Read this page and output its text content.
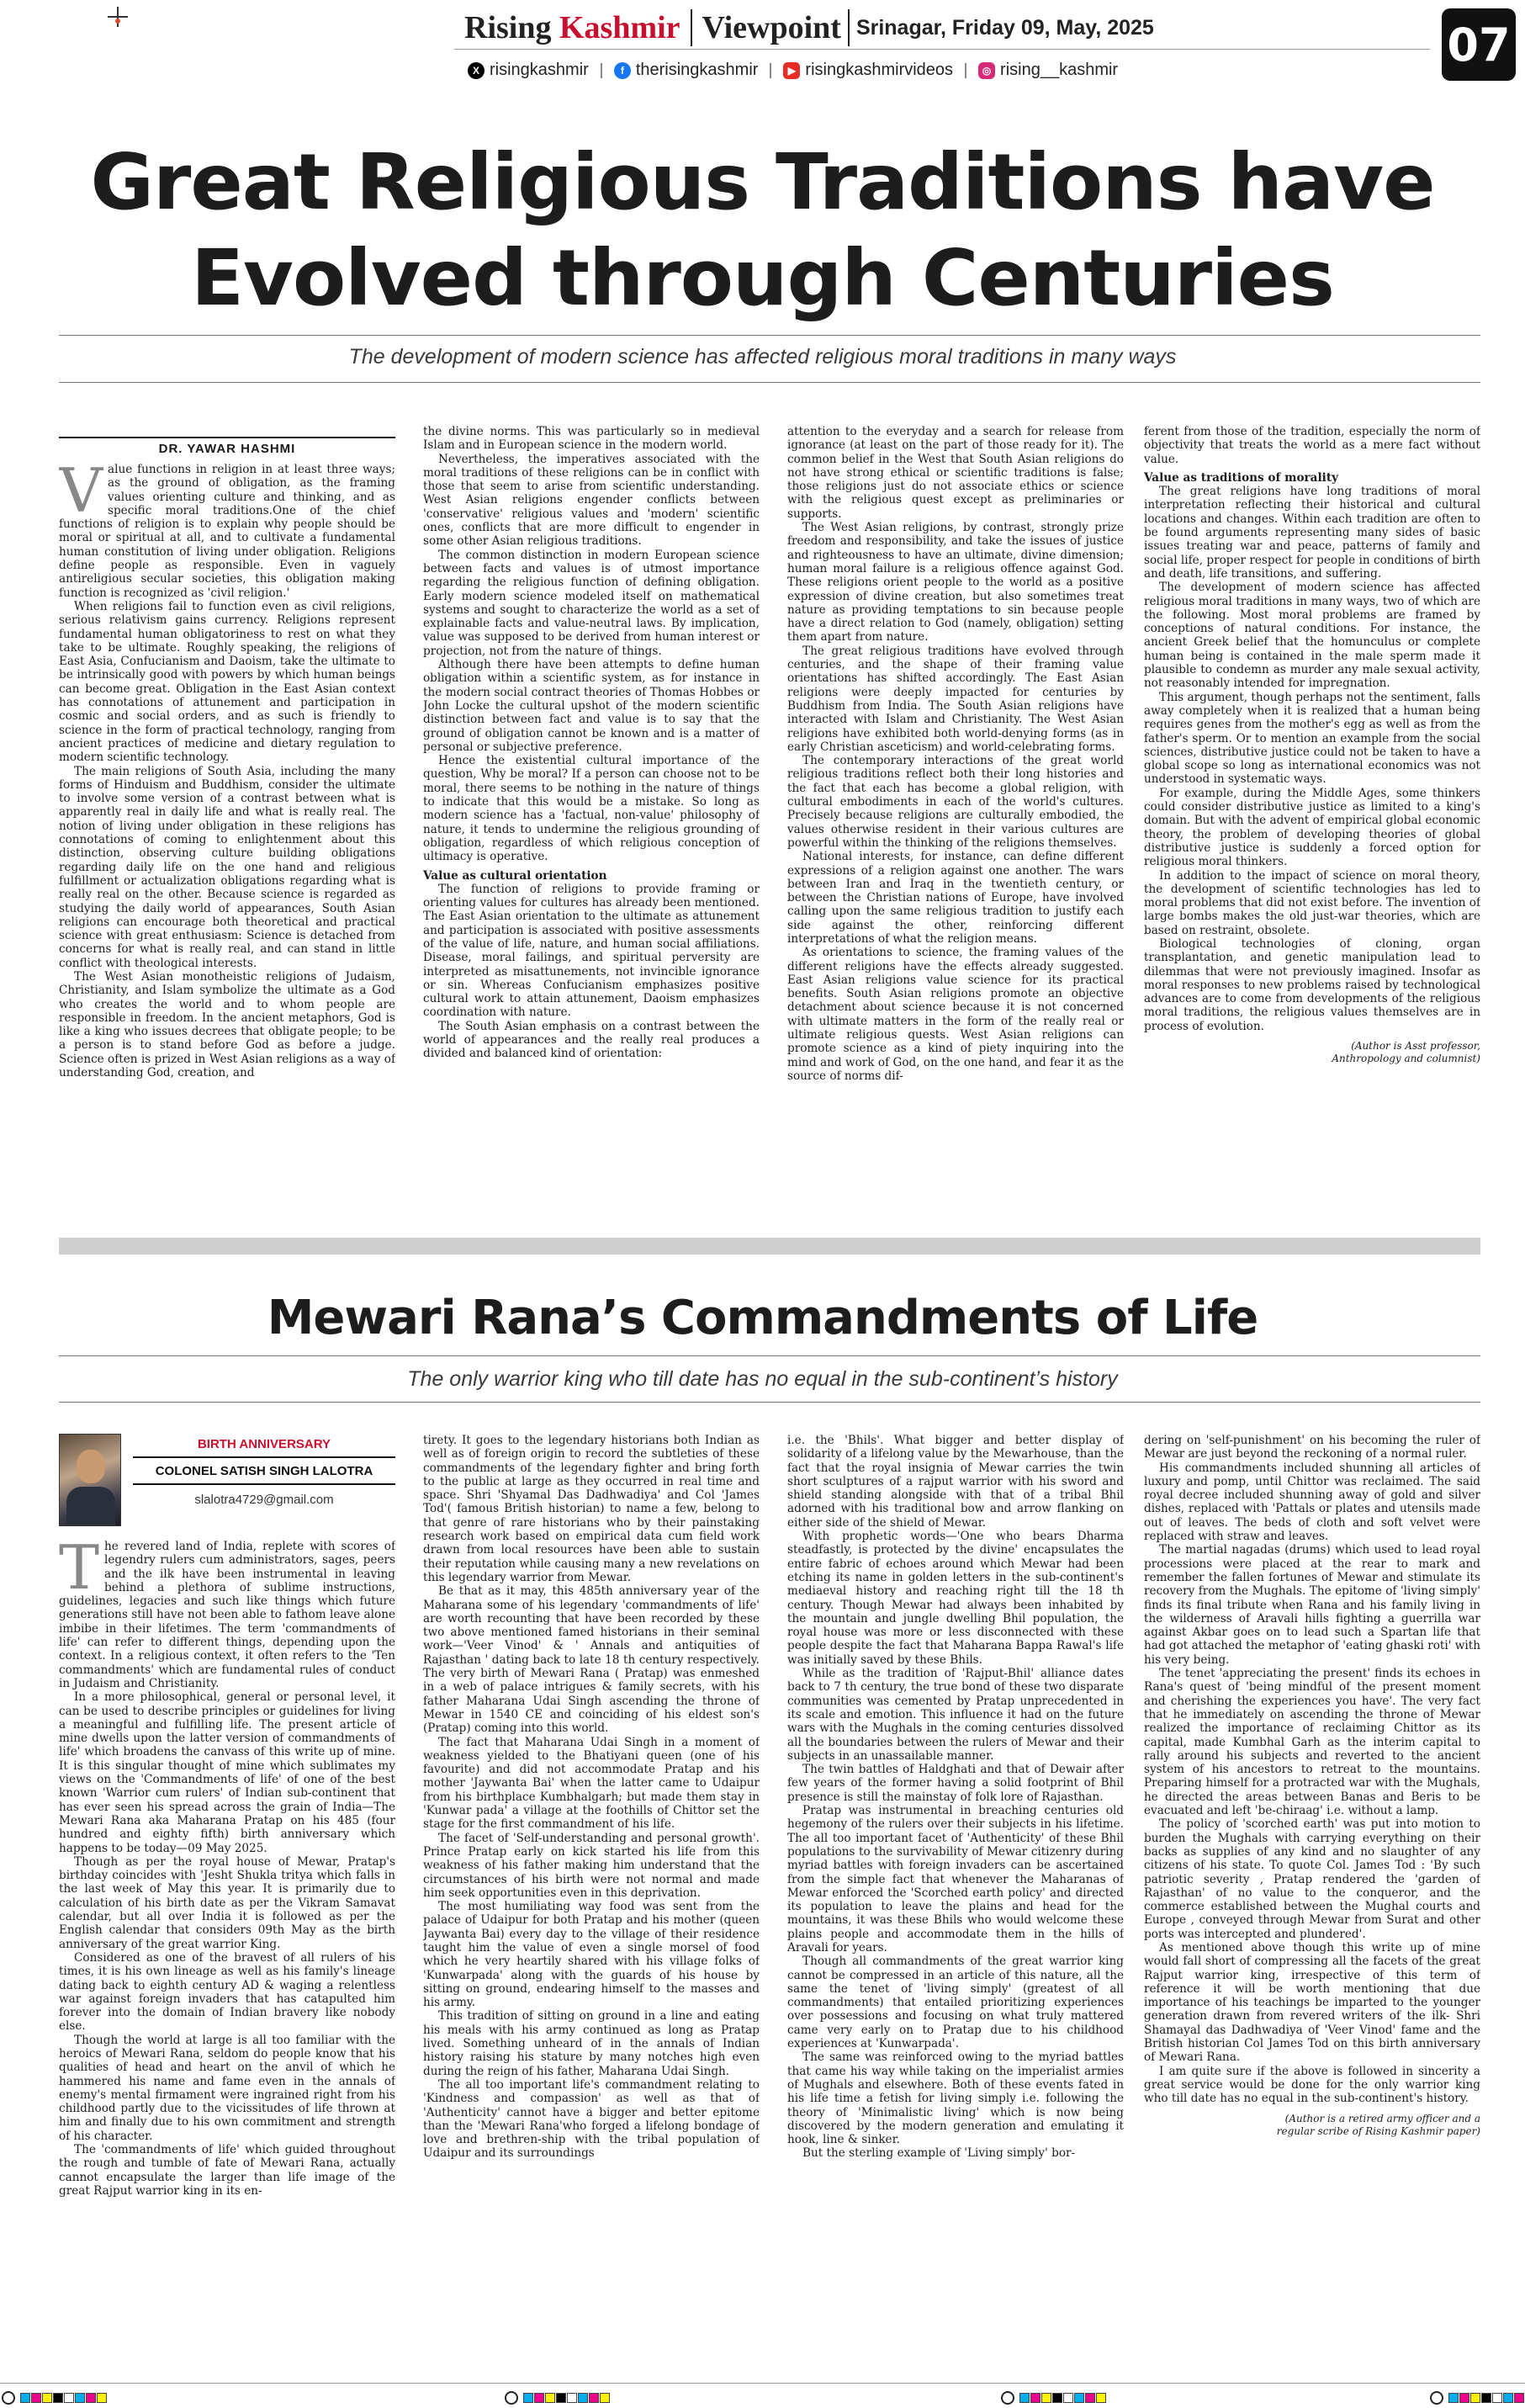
Rising Kashmir Viewpoint Srinagar, Friday 09, May, 2025
X risingkashmir	f therisingkashmir	▶ risingkashmirvideos	◎ rising__kashmir	07
Great Religious Traditions have
Evolved through Centuries
The development of modern science has affected religious moral traditions in many ways
DR. YAWAR HASHMI
V alue functions in religion in at least three ways; as the ground of obligation, as the framing values orienting culture and thinking, and as specific moral traditions.One of the chief functions of religion is to explain why people should be moral or spiritual at all, and to cultivate a fundamental human constitution of living under obligation. Religions define people as responsible. Even in vaguely antireligious secular societies, this obligation making function is recognized as 'civil religion.'

When religions fail to function even as civil religions, serious relativism gains currency. Religions represent fundamental human obligatoriness to rest on what they take to be ultimate. Roughly speaking, the religions of East Asia, Confucianism and Daoism, take the ultimate to be intrinsically good with powers by which human beings can become great. Obligation in the East Asian context has connotations of attunement and participation in cosmic and social orders, and as such is friendly to science in the form of practical technology, ranging from ancient practices of medicine and dietary regulation to modern scientific technology.

The main religions of South Asia, including the many forms of Hinduism and Buddhism, consider the ultimate to involve some version of a contrast between what is apparently real in daily life and what is really real. The notion of living under obligation in these religions has connotations of coming to enlightenment about this distinction, observing culture building obligations regarding daily life on the one hand and religious fulfillment or actualization obligations regarding what is really real on the other. Because science is regarded as studying the daily world of appearances, South Asian religions can encourage both theoretical and practical science with great enthusiasm: Science is detached from concerns for what is really real, and can stand in little conflict with theological interests.

The West Asian monotheistic religions of Judaism, Christianity, and Islam symbolize the ultimate as a God who creates the world and to whom people are responsible in freedom. In the ancient metaphors, God is like a king who issues decrees that obligate people; to be a person is to stand before God as before a judge. Science often is prized in West Asian religions as a way of understanding God, creation, and

the divine norms. This was particularly so in medieval Islam and in European science in the modern world.

Nevertheless, the imperatives associated with the moral traditions of these religions can be in conflict with those that seem to arise from scientific understanding. West Asian religions engender conflicts between 'conservative' religious values and 'modern' scientific ones, conflicts that are more difficult to engender in some other Asian religious traditions.

The common distinction in modern European science between facts and values is of utmost importance regarding the religious function of defining obligation. Early modern science modeled itself on mathematical systems and sought to characterize the world as a set of explainable facts and value-neutral laws. By implication, value was supposed to be derived from human interest or projection, not from the nature of things.

Although there have been attempts to define human obligation within a scientific system, as for instance in the modern social contract theories of Thomas Hobbes or John Locke the cultural upshot of the modern scientific distinction between fact and value is to say that the ground of obligation cannot be known and is a matter of personal or subjective preference.

Hence the existential cultural importance of the question, Why be moral? If a person can choose not to be moral, there seems to be nothing in the nature of things to indicate that this would be a mistake. So long as modern science has a 'factual, non-value' philosophy of nature, it tends to undermine the religious grounding of obligation, regardless of which religious conception of ultimacy is operative.

Value as cultural orientation

The function of religions to provide framing or orienting values for cultures has already been mentioned. The East Asian orientation to the ultimate as attunement and participation is associated with positive assessments of the value of life, nature, and human social affiliations. Disease, moral failings, and spiritual perversity are interpreted as misattunements, not invincible ignorance or sin. Whereas Confucianism emphasizes positive cultural work to attain attunement, Daoism emphasizes coordination with nature.

The South Asian emphasis on a contrast between the world of appearances and the really real produces a divided and balanced kind of orientation:

attention to the everyday and a search for release from ignorance (at least on the part of those ready for it). The common belief in the West that South Asian religions do not have strong ethical or scientific traditions is false; those religions just do not associate ethics or science with the religious quest except as preliminaries or supports.

The West Asian religions, by contrast, strongly prize freedom and responsibility, and take the issues of justice and righteousness to have an ultimate, divine dimension; human moral failure is a religious offence against God. These religions orient people to the world as a positive expression of divine creation, but also sometimes treat nature as providing temptations to sin because people have a direct relation to God (namely, obligation) setting them apart from nature.

The great religious traditions have evolved through centuries, and the shape of their framing value orientations has shifted accordingly. The East Asian religions were deeply impacted for centuries by Buddhism from India. The South Asian religions have interacted with Islam and Christianity. The West Asian religions have exhibited both world-denying forms (as in early Christian asceticism) and world-celebrating forms.

The contemporary interactions of the great world religious traditions reflect both their long histories and the fact that each has become a global religion, with cultural embodiments in each of the world's cultures. Precisely because religions are culturally embodied, the values otherwise resident in their various cultures are powerful within the thinking of the religions themselves.

National interests, for instance, can define different expressions of a religion against one another. The wars between Iran and Iraq in the twentieth century, or between the Christian nations of Europe, have involved calling upon the same religious tradition to justify each side against the other, reinforcing different interpretations of what the religion means.

As orientations to science, the framing values of the different religions have the effects already suggested. East Asian religions value science for its practical benefits. South Asian religions promote an objective detachment about science because it is not concerned with ultimate matters in the form of the really real or ultimate religious quests. West Asian religions can promote science as a kind of piety inquiring into the mind and work of God, on the one hand, and fear it as the source of norms dif-

ferent from those of the tradition, especially the norm of objectivity that treats the world as a mere fact without value.

Value as traditions of morality

The great religions have long traditions of moral interpretation reflecting their historical and cultural locations and changes. Within each tradition are often to be found arguments representing many sides of basic issues treating war and peace, patterns of family and social life, proper respect for people in conditions of birth and death, life transitions, and suffering.

The development of modern science has affected religious moral traditions in many ways, two of which are the following. Most moral problems are framed by conceptions of natural conditions. For instance, the ancient Greek belief that the homunculus or complete human being is contained in the male sperm made it plausible to condemn as murder any male sexual activity, not reasonably intended for impregnation.

This argument, though perhaps not the sentiment, falls away completely when it is realized that a human being requires genes from the mother's egg as well as from the father's sperm. Or to mention an example from the social sciences, distributive justice could not be taken to have a global scope so long as international economics was not understood in systematic ways.

For example, during the Middle Ages, some thinkers could consider distributive justice as limited to a king's domain. But with the advent of empirical global economic theory, the problem of developing theories of global distributive justice is suddenly a forced option for religious moral thinkers.

In addition to the impact of science on moral theory, the development of scientific technologies has led to moral problems that did not exist before. The invention of large bombs makes the old just-war theories, which are based on restraint, obsolete.

Biological technologies of cloning, organ transplantation, and genetic manipulation lead to dilemmas that were not previously imagined. Insofar as moral responses to new problems raised by technological advances are to come from developments of the religious moral traditions, the religious values themselves are in process of evolution.

(Author is Asst professor,
Anthropology and columnist)

Mewari Rana’s Commandments of Life
The only warrior king who till date has no equal in the sub-continent’s history
BIRTH ANNIVERSARY
COLONEL SATISH SINGH LALOTRA
slalotra4729@gmail.com
T he revered land of India, replete with scores of legendry rulers cum administrators, sages, peers and the ilk have been instrumental in leaving behind a plethora of sublime instructions, guidelines, legacies and such like things which future generations still have not been able to fathom leave alone imbibe in their lifetimes. The term 'commandments of life' can refer to different things, depending upon the context. In a religious context, it often refers to the 'Ten commandments' which are fundamental rules of conduct in Judaism and Christianity.

In a more philosophical, general or personal level, it can be used to describe principles or guidelines for living a meaningful and fulfilling life. The present article of mine dwells upon the latter version of commandments of life' which broadens the canvass of this write up of mine. It is this singular thought of mine which sublimates my views on the 'Commandments of life' of one of the best known 'Warrior cum rulers' of Indian sub-continent that has ever seen his spread across the grain of India—The Mewari Rana aka Maharana Pratap on his 485 (four hundred and eighty fifth) birth anniversary which happens to be today—09 May 2025.

Though as per the royal house of Mewar, Pratap's birthday coincides with 'Jesht Shukla tritya which falls in the last week of May this year. It is primarily due to calculation of his birth date as per the Vikram Samavat calendar, but all over India it is followed as per the English calendar that considers 09th May as the birth anniversary of the great warrior King.

Considered as one of the bravest of all rulers of his times, it is his own lineage as well as his family's lineage dating back to eighth century AD & waging a relentless war against foreign invaders that has catapulted him forever into the domain of Indian bravery like nobody else.

Though the world at large is all too familiar with the heroics of Mewari Rana, seldom do people know that his qualities of head and heart on the anvil of which he hammered his name and fame even in the annals of enemy's mental firmament were ingrained right from his childhood partly due to the vicissitudes of life thrown at him and finally due to his own commitment and strength of his character.

The 'commandments of life' which guided throughout the rough and tumble of fate of Mewari Rana, actually cannot encapsulate the larger than life image of the great Rajput warrior king in its en-

tirety. It goes to the legendary historians both Indian as well as of foreign origin to record the subtleties of these commandments of the legendary fighter and bring forth to the public at large as they occurred in real time and space. Shri 'Shyamal Das Dadhwadiya' and Col 'James Tod'( famous British historian) to name a few, belong to that genre of rare historians who by their painstaking research work based on empirical data cum field work drawn from local resources have been able to sustain their reputation while causing many a new revelations on this legendary warrior from Mewar.

Be that as it may, this 485th anniversary year of the Maharana some of his legendary 'commandments of life' are worth recounting that have been recorded by these two above mentioned famed historians in their seminal work—'Veer Vinod' & ' Annals and antiquities of Rajasthan ' dating back to late 18 th century respectively. The very birth of Mewari Rana ( Pratap) was enmeshed in a web of palace intrigues & family secrets, with his father Maharana Udai Singh ascending the throne of Mewar in 1540 CE and coinciding of his eldest son's (Pratap) coming into this world.

The fact that Maharana Udai Singh in a moment of weakness yielded to the Bhatiyani queen (one of his favourite) and did not accommodate Pratap and his mother 'Jaywanta Bai' when the latter came to Udaipur from his birthplace Kumbhalgarh; but made them stay in 'Kunwar pada' a village at the foothills of Chittor set the stage for the first commandment of his life.

The facet of 'Self-understanding and personal growth'. Prince Pratap early on kick started his life from this weakness of his father making him understand that the circumstances of his birth were not normal and made him seek opportunities even in this deprivation.

The most humiliating way food was sent from the palace of Udaipur for both Pratap and his mother (queen Jaywanta Bai) every day to the village of their residence taught him the value of even a single morsel of food which he very heartily shared with his village folks of 'Kunwarpada' along with the guards of his house by sitting on ground, endearing himself to the masses and his army.

This tradition of sitting on ground in a line and eating his meals with his army continued as long as Pratap lived. Something unheard of in the annals of Indian history raising his stature by many notches high even during the reign of his father, Maharana Udai Singh.

The all too important life's commandment relating to 'Kindness and compassion' as well as that of 'Authenticity' cannot have a bigger and better epitome than the 'Mewari Rana'who forged a lifelong bondage of love and brethren-ship with the tribal population of Udaipur and its surroundings

i.e. the 'Bhils'. What bigger and better display of solidarity of a lifelong value by the Mewarhouse, than the fact that the royal insignia of Mewar carries the twin short sculptures of a rajput warrior with his sword and shield standing alongside with that of a tribal Bhil adorned with his traditional bow and arrow flanking on either side of the shield of Mewar.

With prophetic words—'One who bears Dharma steadfastly, is protected by the divine' encapsulates the entire fabric of echoes around which Mewar had been etching its name in golden letters in the sub-continent's mediaeval history and reaching right till the 18 th century. Though Mewar had always been inhabited by the mountain and jungle dwelling Bhil population, the royal house was more or less disconnected with these people despite the fact that Maharana Bappa Rawal's life was initially saved by these Bhils.

While as the tradition of 'Rajput-Bhil' alliance dates back to 7 th century, the true bond of these two disparate communities was cemented by Pratap unprecedented in its scale and emotion. This influence it had on the future wars with the Mughals in the coming centuries dissolved all the boundaries between the rulers of Mewar and their subjects in an unassailable manner.

The twin battles of Haldghati and that of Dewair after few years of the former having a solid footprint of Bhil presence is still the mainstay of folk lore of Rajasthan.

Pratap was instrumental in breaching centuries old hegemony of the rulers over their subjects in his lifetime. The all too important facet of 'Authenticity' of these Bhil populations to the survivability of Mewar citizenry during myriad battles with foreign invaders can be ascertained from the simple fact that whenever the Maharanas of Mewar enforced the 'Scorched earth policy' and directed its population to leave the plains and head for the mountains, it was these Bhils who would welcome these plains people and accommodate them in the hills of Aravali for years.

Though all commandments of the great warrior king cannot be compressed in an article of this nature, all the same the tenet of 'living simply' (greatest of all commandments) that entailed prioritizing experiences over possessions and focusing on what truly mattered came very early on to Pratap due to his childhood experiences at 'Kunwarpada'.

The same was reinforced owing to the myriad battles that came his way while taking on the imperialist armies of Mughals and elsewhere. Both of these events fated in his life time a fetish for living simply i.e. following the theory of 'Minimalistic living' which is now being discovered by the modern generation and emulating it hook, line & sinker.

But the sterling example of 'Living simply' bor-

dering on 'self-punishment' on his becoming the ruler of Mewar are just beyond the reckoning of a normal ruler.

His commandments included shunning all articles of luxury and pomp, until Chittor was reclaimed. The said royal decree included shunning away of gold and silver dishes, replaced with 'Pattals or plates and utensils made out of leaves. The beds of cloth and soft velvet were replaced with straw and leaves.

The martial nagadas (drums) which used to lead royal processions were placed at the rear to mark and remember the fallen fortunes of Mewar and stimulate its recovery from the Mughals. The epitome of 'living simply' finds its final tribute when Rana and his family living in the wilderness of Aravali hills fighting a guerrilla war against Akbar goes on to lead such a Spartan life that had got attached the metaphor of 'eating ghaski roti' with his very being.

The tenet 'appreciating the present' finds its echoes in Rana's quest of 'being mindful of the present moment and cherishing the experiences you have'. The very fact that he immediately on ascending the throne of Mewar realized the importance of reclaiming Chittor as its capital, made Kumbhal Garh as the interim capital to rally around his subjects and reverted to the ancient system of his ancestors to retreat to the mountains. Preparing himself for a protracted war with the Mughals, he directed the areas between Banas and Beris to be evacuated and left 'be-chiraag' i.e. without a lamp.

The policy of 'scorched earth' was put into motion to burden the Mughals with carrying everything on their backs as supplies of any kind and no slaughter of any citizens of his state. To quote Col. James Tod : 'By such patriotic severity , Pratap rendered the 'garden of Rajasthan' of no value to the conqueror, and the commerce established between the Mughal courts and Europe , conveyed through Mewar from Surat and other ports was intercepted and plundered'.

As mentioned above though this write up of mine would fall short of compressing all the facets of the great Rajput warrior king, irrespective of this term of reference it will be worth mentioning that due importance of his teachings be imparted to the younger generation drawn from revered writers of the ilk- Shri Shamayal das Dadhwadiya of 'Veer Vinod' fame and the British historian Col James Tod on this birth anniversary of Mewari Rana.

I am quite sure if the above is followed in sincerity a great service would be done for the only warrior king who till date has no equal in the sub-continent's history.

(Author is a retired army officer and a
regular scribe of Rising Kashmir paper)
